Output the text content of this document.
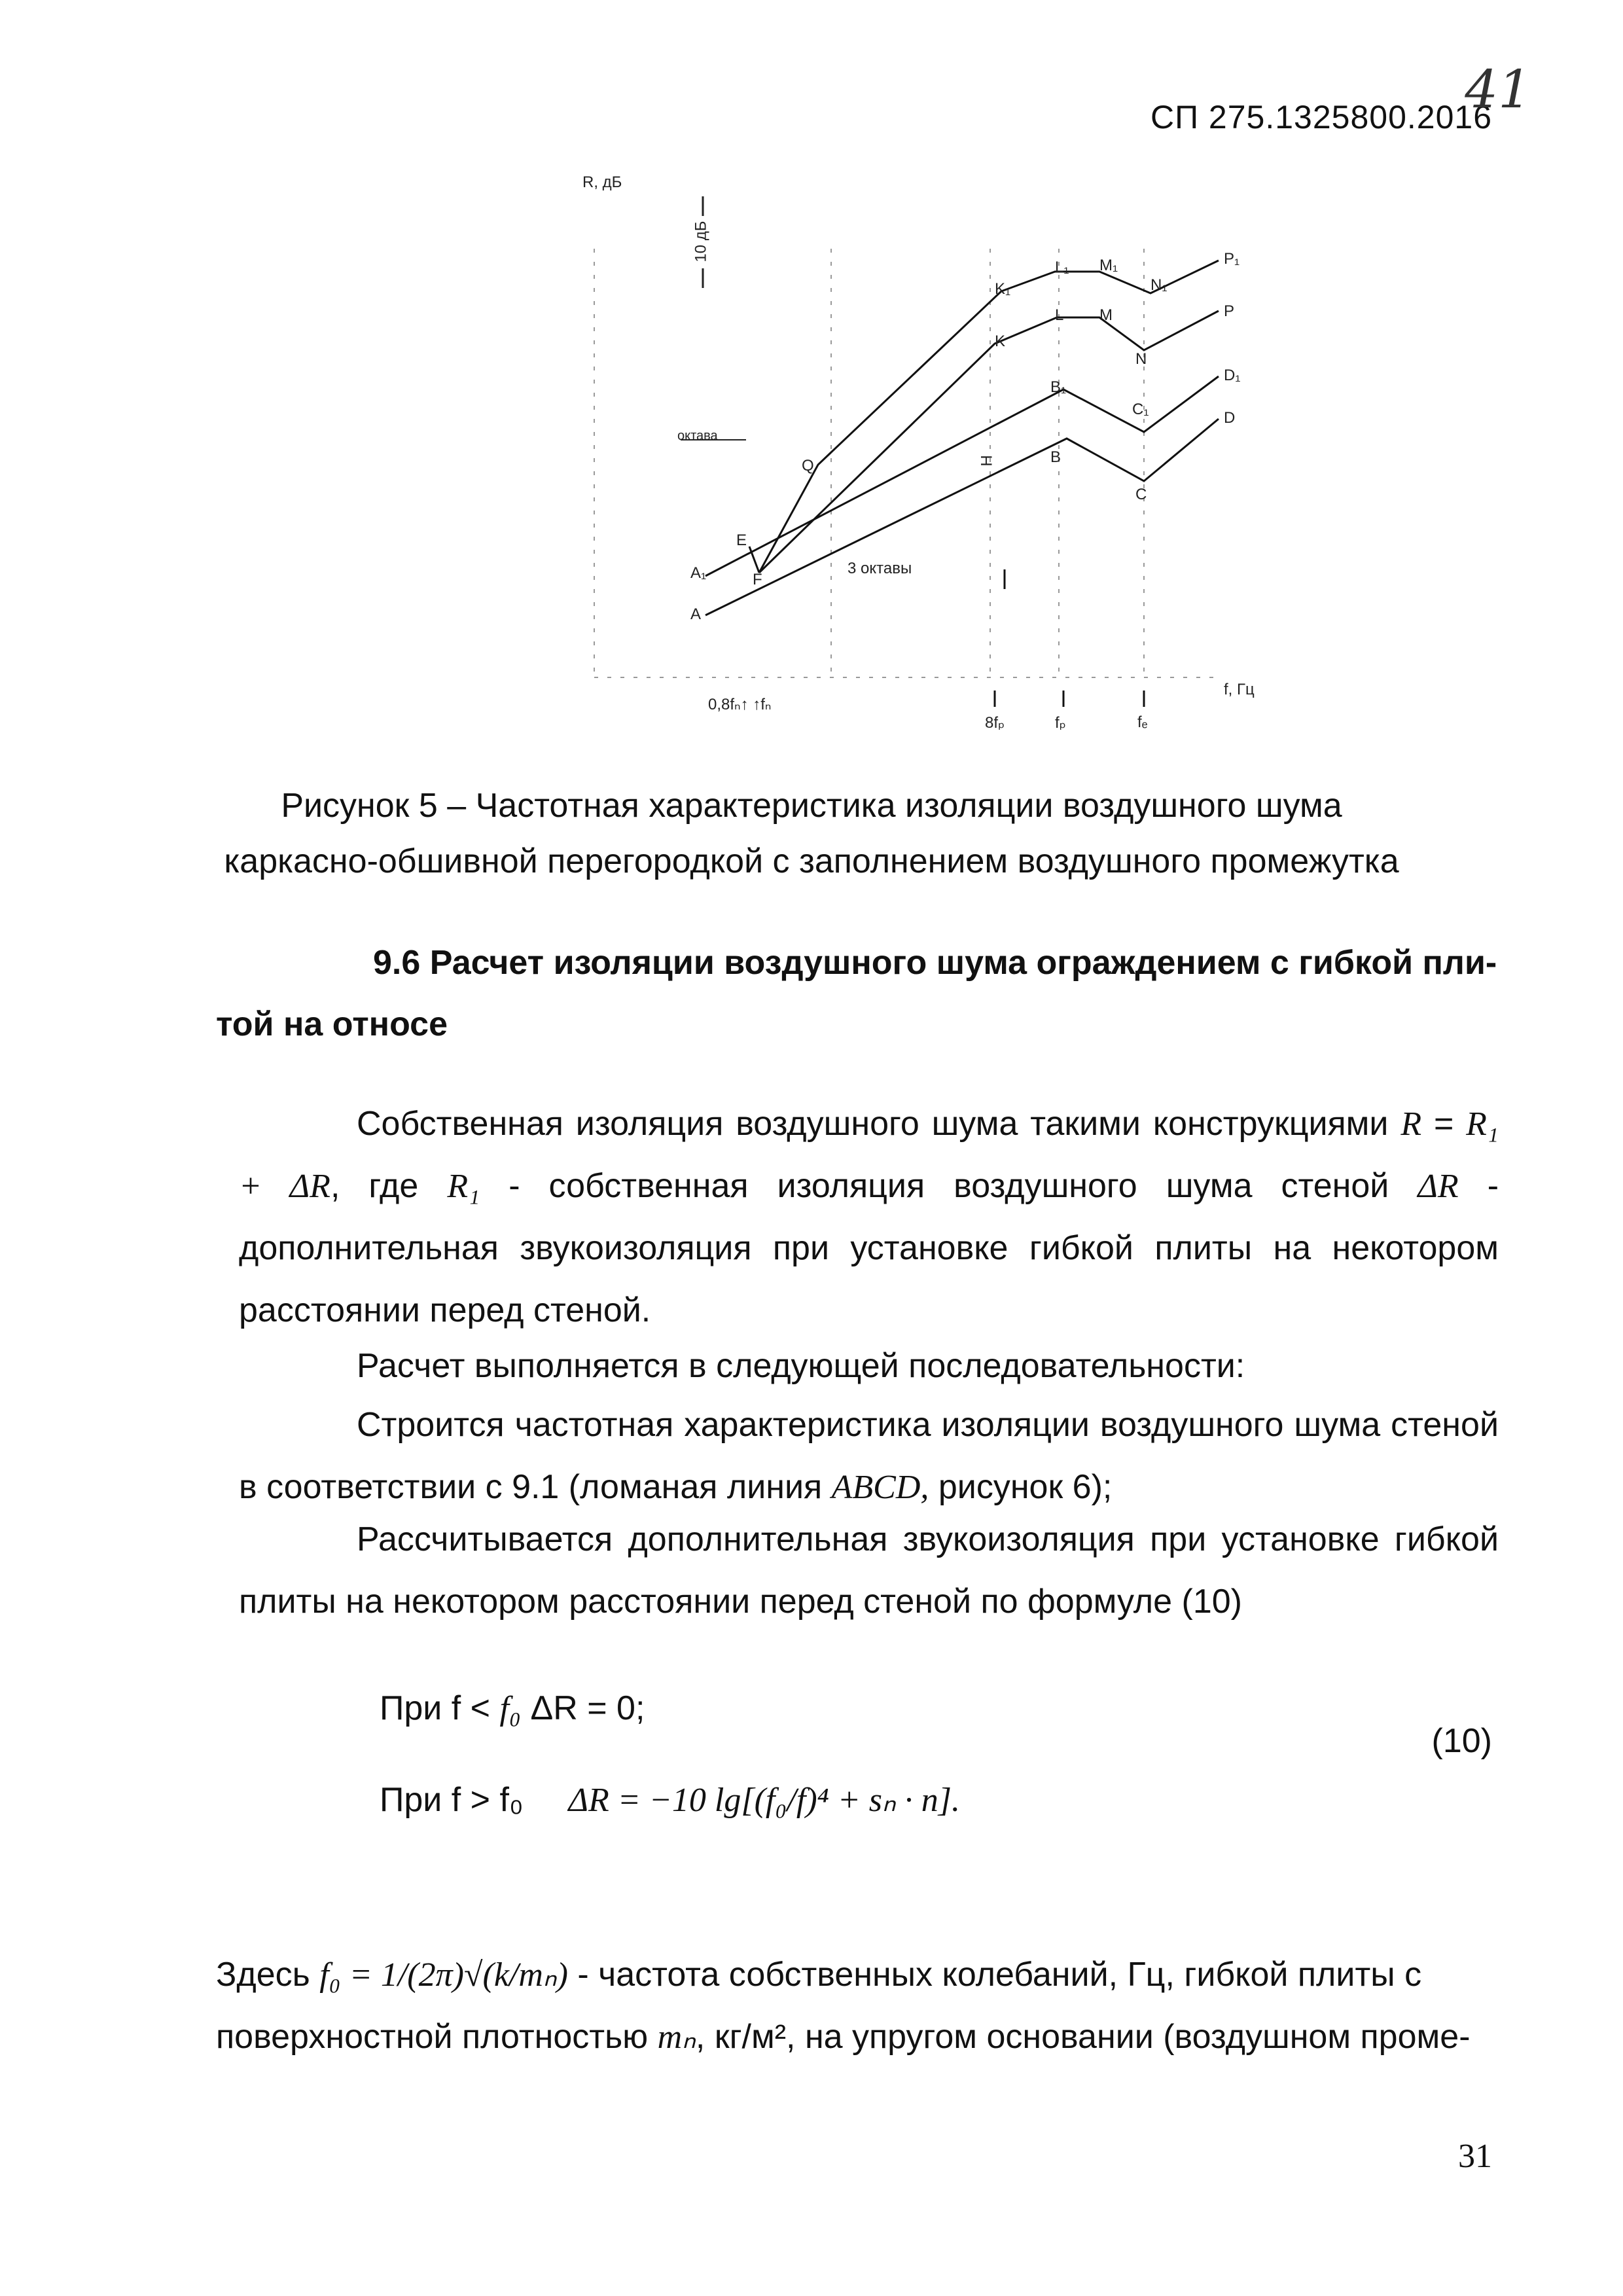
СП 275.1325800.2016
41
R, дБ
10 дБ
октава
3 октавы
f, Гц
0,8fₙ↑ ↑fₙ
8fₚ	fₚ	fₑ
H
A
A₁
E
F
Q	B
B₁
C
C₁	D
D₁
K
K₁
L
L₁
M
M₁
N
N₁
P
P₁
Рисунок 5 – Частотная характеристика изоляции воздушного шума
каркасно-обшивной перегородкой с заполнением воздушного промежутка
9.6 Расчет изоляции воздушного шума ограждением с гибкой пли-
той на относе
Собственная изоляция воздушного шума такими конструкциями R = R₁ + ΔR, где R₁ - собственная изоляция воздушного шума стеной ΔR - дополнительная звукоизоляция при установке гибкой плиты на некотором расстоянии перед стеной.
Расчет выполняется в следующей последовательности:
Строится частотная характеристика изоляции воздушного шума стеной в соответствии с 9.1 (ломаная линия ABCD, рисунок 6);
Рассчитывается дополнительная звукоизоляция при установке гибкой плиты на некотором расстоянии перед стеной по формуле (10)
При f < f₀ ΔR = 0;
При f > f₀ ΔR = −10 lg[(f₀/f)⁴ + sₙ · n].
(10)
Здесь f₀ = 1/(2π)√(k/mₙ) - частота собственных колебаний, Гц, гибкой плиты с
поверхностной плотностью mₙ, кг/м², на упругом основании (воздушном проме-
31
